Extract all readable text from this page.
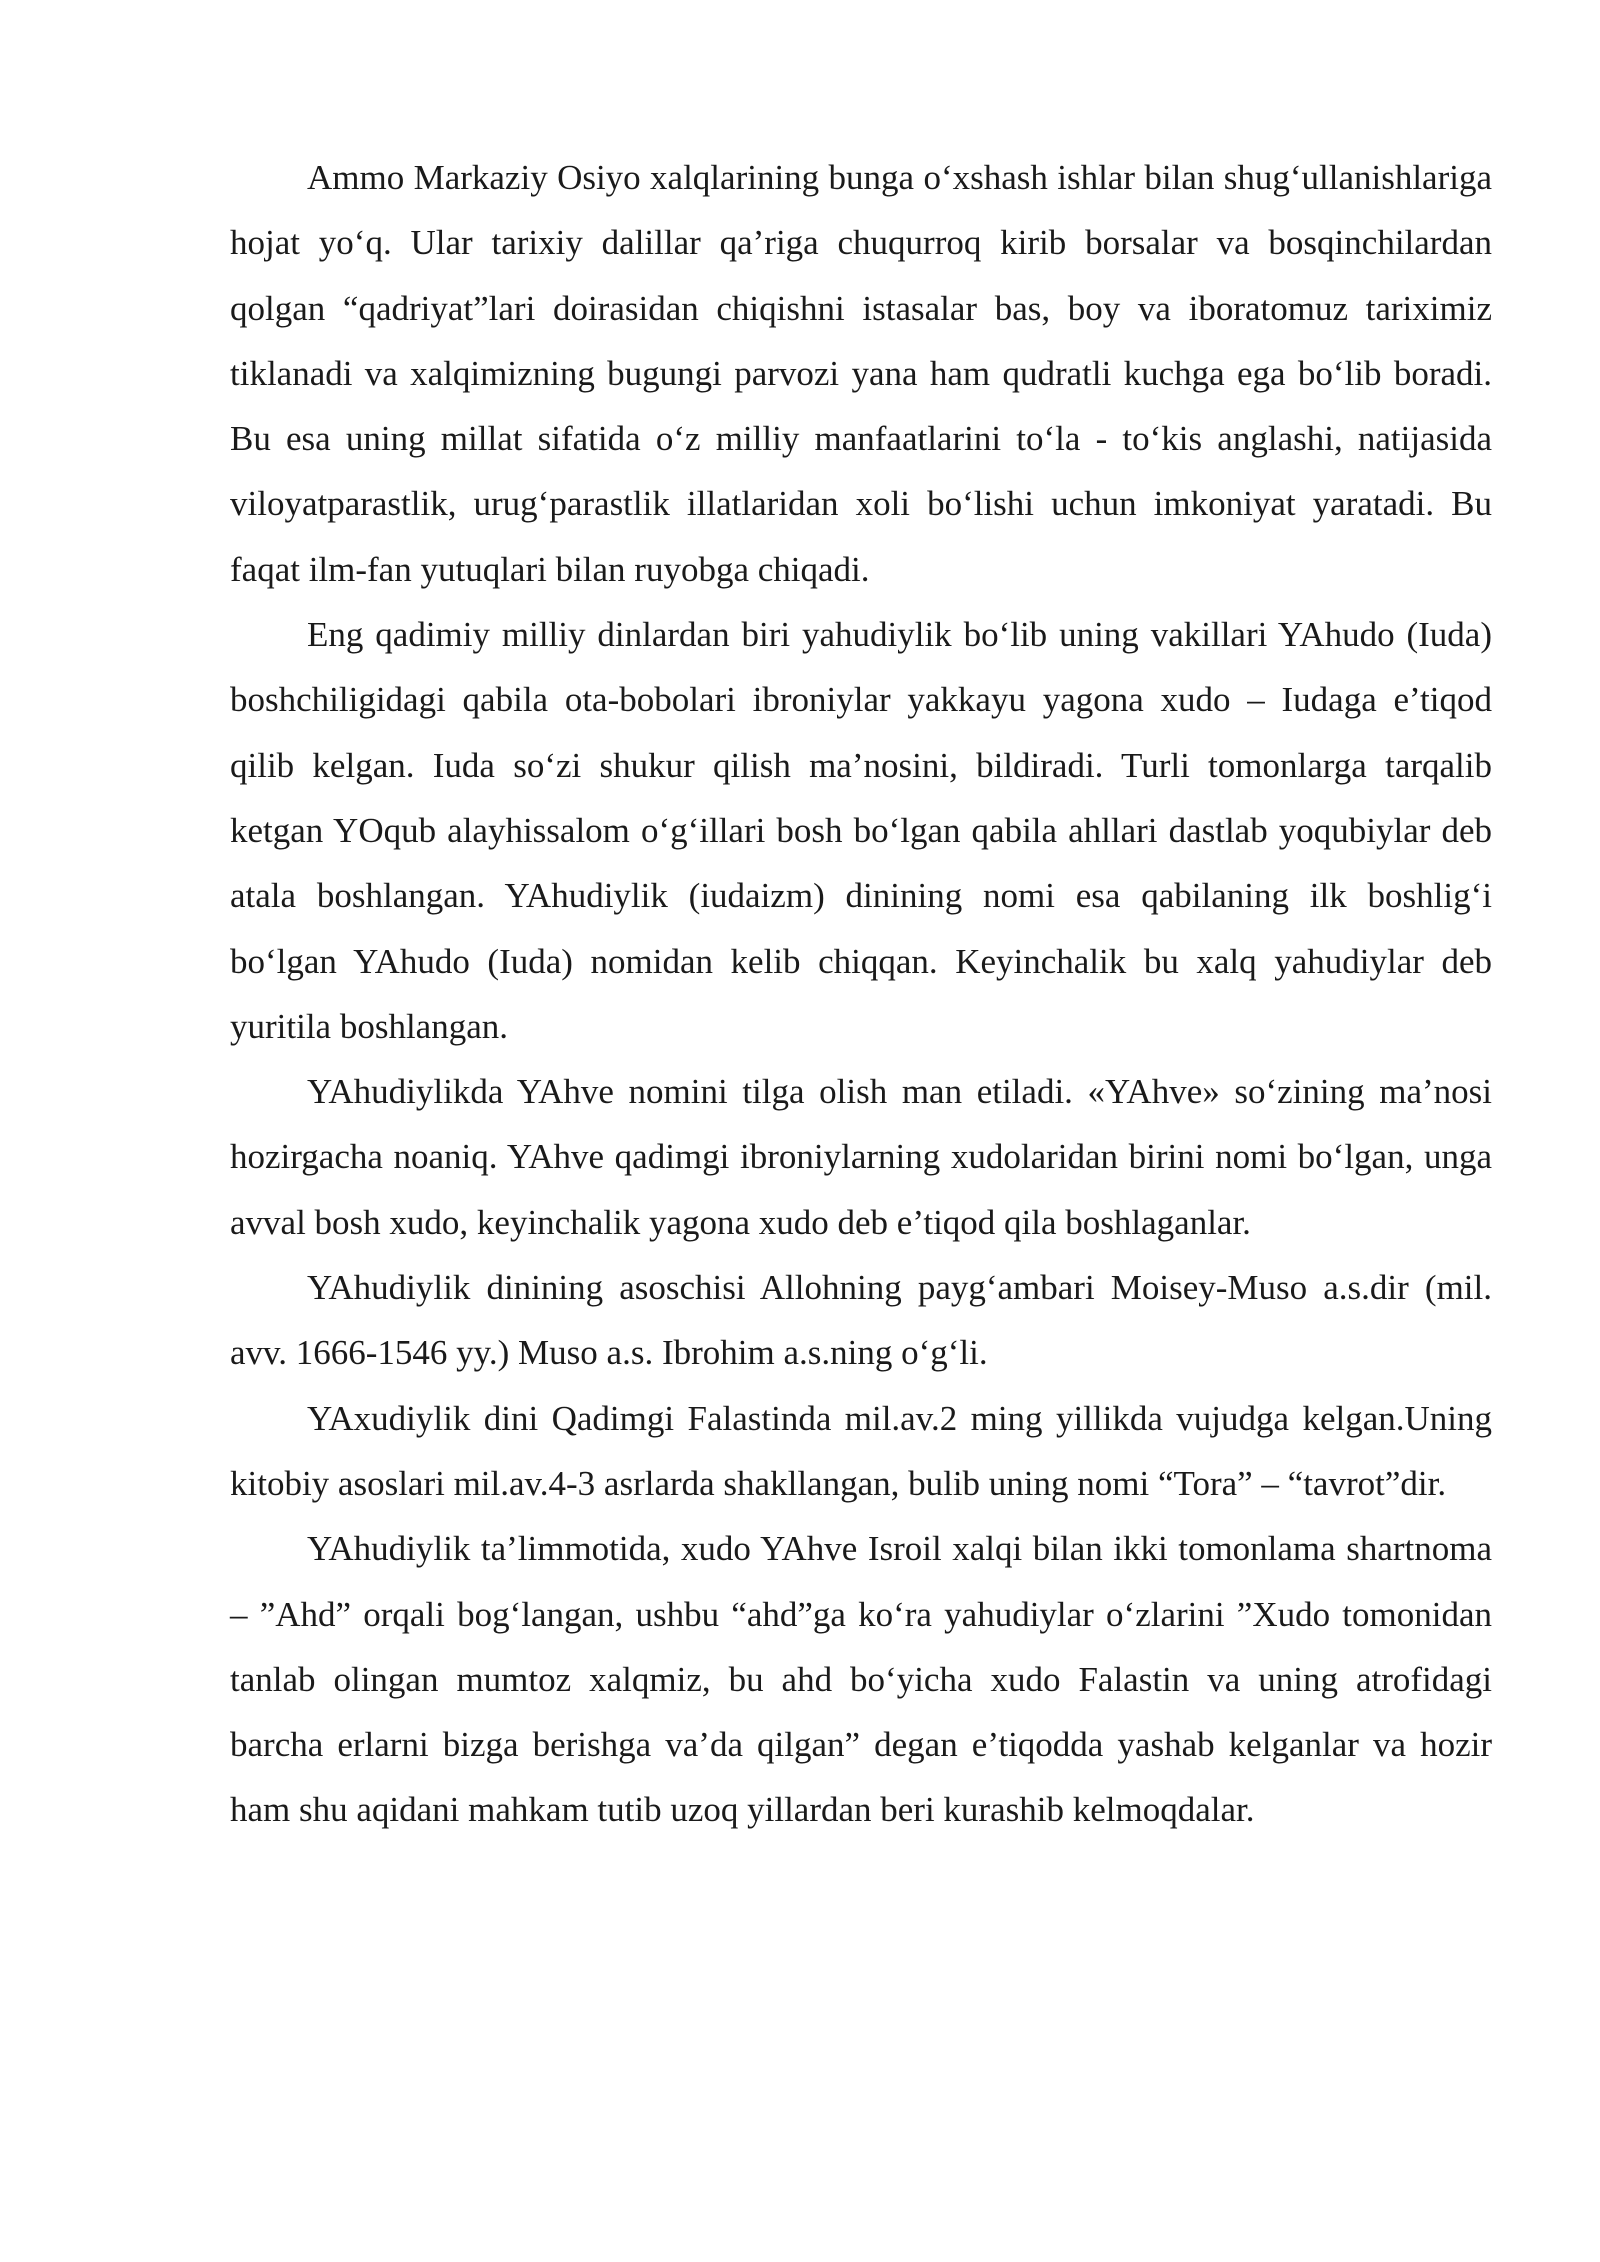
Ammo Markaziy Osiyo xalqlarining bunga o‘xshash ishlar bilan shug‘ullanishlariga hojat yo‘q. Ular tarixiy dalillar qa’riga chuqurroq kirib borsalar va bosqinchilardan qolgan “qadriyat”lari doirasidan chiqishni istasalar bas, boy va iboratomuz tariximiz tiklanadi va xalqimizning bugungi parvozi yana ham qudratli kuchga ega bo‘lib boradi. Bu esa uning millat sifatida o‘z milliy manfaatlarini to‘la - to‘kis anglashi, natijasida viloyatparastlik, urug‘parastlik illatlaridan xoli bo‘lishi uchun imkoniyat yaratadi. Bu faqat ilm-fan yutuqlari bilan ruyobga chiqadi.

Eng qadimiy milliy dinlardan biri yahudiylik bo‘lib uning vakillari YAhudo (Iuda) boshchiligidagi qabila ota-bobolari ibroniylar yakkayu yagona xudo – Iudaga e’tiqod qilib kelgan. Iuda so‘zi shukur qilish ma’nosini, bildiradi. Turli tomonlarga tarqalib ketgan YOqub alayhissalom o‘g‘illari bosh bo‘lgan qabila ahllari dastlab yoqubiylar deb atala boshlangan. YAhudiylik (iudaizm) dinining nomi esa qabilaning ilk boshlig‘i bo‘lgan YAhudo (Iuda) nomidan kelib chiqqan. Keyinchalik bu xalq yahudiylar deb yuritila boshlangan.

YAhudiylikda YAhve nomini tilga olish man etiladi. «YAhve» so‘zining ma’nosi hozirgacha noaniq. YAhve qadimgi ibroniylarning xudolaridan birini nomi bo‘lgan, unga avval bosh xudo, keyinchalik yagona xudo deb e’tiqod qila boshlaganlar.

YAhudiylik dinining asoschisi Allohning payg‘ambari Moisey-Muso a.s.dir (mil. avv. 1666-1546 yy.) Muso a.s. Ibrohim a.s.ning o‘g‘li.

YAxudiylik dini Qadimgi Falastinda mil.av.2 ming yillikda vujudga kelgan.Uning kitobiy asoslari mil.av.4-3 asrlarda shakllangan, bulib uning nomi “Tora” – “tavrot”dir.

YAhudiylik ta’limmotida, xudo YAhve Isroil xalqi bilan ikki tomonlama shartnoma – ”Ahd” orqali bog‘langan, ushbu “ahd”ga ko‘ra yahudiylar o‘zlarini ”Xudo tomonidan tanlab olingan mumtoz xalqmiz, bu ahd bo‘yicha xudo Falastin va uning atrofidagi barcha erlarni bizga berishga va’da qilgan” degan e’tiqodda yashab kelganlar va hozir ham shu aqidani mahkam tutib uzoq yillardan beri kurashib kelmoqdalar.
